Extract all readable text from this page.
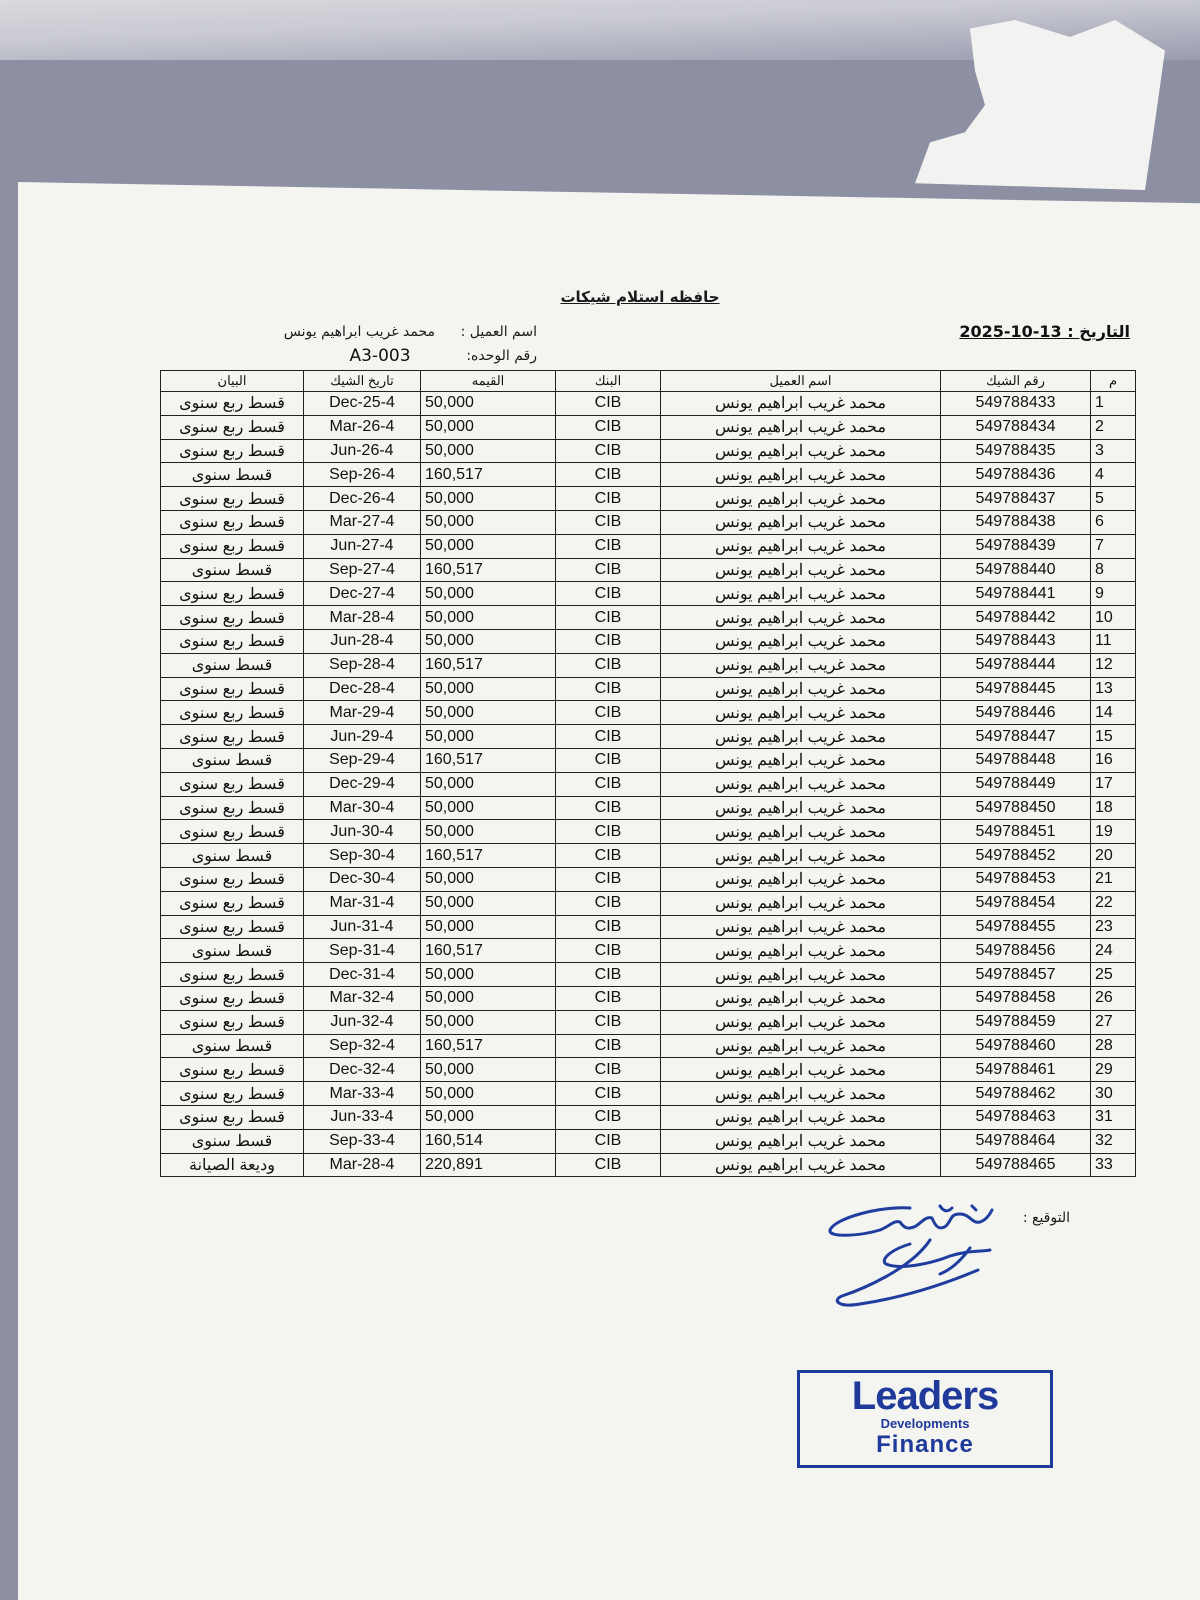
حافظه استلام شيكات
التاريخ : 13-10-2025
اسم العميل :
محمد غريب ابراهيم يونس
رقم الوحده:
A3-003
م	رقم الشيك	اسم العميل	البنك	القيمه	تاريخ الشيك	البيان
1	549788433	محمد غريب ابراهيم يونس	CIB	50,000	4-Dec-25	قسط ربع سنوى
2	549788434	محمد غريب ابراهيم يونس	CIB	50,000	4-Mar-26	قسط ربع سنوى
3	549788435	محمد غريب ابراهيم يونس	CIB	50,000	4-Jun-26	قسط ربع سنوى
4	549788436	محمد غريب ابراهيم يونس	CIB	160,517	4-Sep-26	قسط سنوى
5	549788437	محمد غريب ابراهيم يونس	CIB	50,000	4-Dec-26	قسط ربع سنوى
6	549788438	محمد غريب ابراهيم يونس	CIB	50,000	4-Mar-27	قسط ربع سنوى
7	549788439	محمد غريب ابراهيم يونس	CIB	50,000	4-Jun-27	قسط ربع سنوى
8	549788440	محمد غريب ابراهيم يونس	CIB	160,517	4-Sep-27	قسط سنوى
9	549788441	محمد غريب ابراهيم يونس	CIB	50,000	4-Dec-27	قسط ربع سنوى
10	549788442	محمد غريب ابراهيم يونس	CIB	50,000	4-Mar-28	قسط ربع سنوى
11	549788443	محمد غريب ابراهيم يونس	CIB	50,000	4-Jun-28	قسط ربع سنوى
12	549788444	محمد غريب ابراهيم يونس	CIB	160,517	4-Sep-28	قسط سنوى
13	549788445	محمد غريب ابراهيم يونس	CIB	50,000	4-Dec-28	قسط ربع سنوى
14	549788446	محمد غريب ابراهيم يونس	CIB	50,000	4-Mar-29	قسط ربع سنوى
15	549788447	محمد غريب ابراهيم يونس	CIB	50,000	4-Jun-29	قسط ربع سنوى
16	549788448	محمد غريب ابراهيم يونس	CIB	160,517	4-Sep-29	قسط سنوى
17	549788449	محمد غريب ابراهيم يونس	CIB	50,000	4-Dec-29	قسط ربع سنوى
18	549788450	محمد غريب ابراهيم يونس	CIB	50,000	4-Mar-30	قسط ربع سنوى
19	549788451	محمد غريب ابراهيم يونس	CIB	50,000	4-Jun-30	قسط ربع سنوى
20	549788452	محمد غريب ابراهيم يونس	CIB	160,517	4-Sep-30	قسط سنوى
21	549788453	محمد غريب ابراهيم يونس	CIB	50,000	4-Dec-30	قسط ربع سنوى
22	549788454	محمد غريب ابراهيم يونس	CIB	50,000	4-Mar-31	قسط ربع سنوى
23	549788455	محمد غريب ابراهيم يونس	CIB	50,000	4-Jun-31	قسط ربع سنوى
24	549788456	محمد غريب ابراهيم يونس	CIB	160,517	4-Sep-31	قسط سنوى
25	549788457	محمد غريب ابراهيم يونس	CIB	50,000	4-Dec-31	قسط ربع سنوى
26	549788458	محمد غريب ابراهيم يونس	CIB	50,000	4-Mar-32	قسط ربع سنوى
27	549788459	محمد غريب ابراهيم يونس	CIB	50,000	4-Jun-32	قسط ربع سنوى
28	549788460	محمد غريب ابراهيم يونس	CIB	160,517	4-Sep-32	قسط سنوى
29	549788461	محمد غريب ابراهيم يونس	CIB	50,000	4-Dec-32	قسط ربع سنوى
30	549788462	محمد غريب ابراهيم يونس	CIB	50,000	4-Mar-33	قسط ربع سنوى
31	549788463	محمد غريب ابراهيم يونس	CIB	50,000	4-Jun-33	قسط ربع سنوى
32	549788464	محمد غريب ابراهيم يونس	CIB	160,514	4-Sep-33	قسط سنوى
33	549788465	محمد غريب ابراهيم يونس	CIB	220,891	4-Mar-28	وديعة الصيانة
التوقيع :
Leaders
Developments
Finance
